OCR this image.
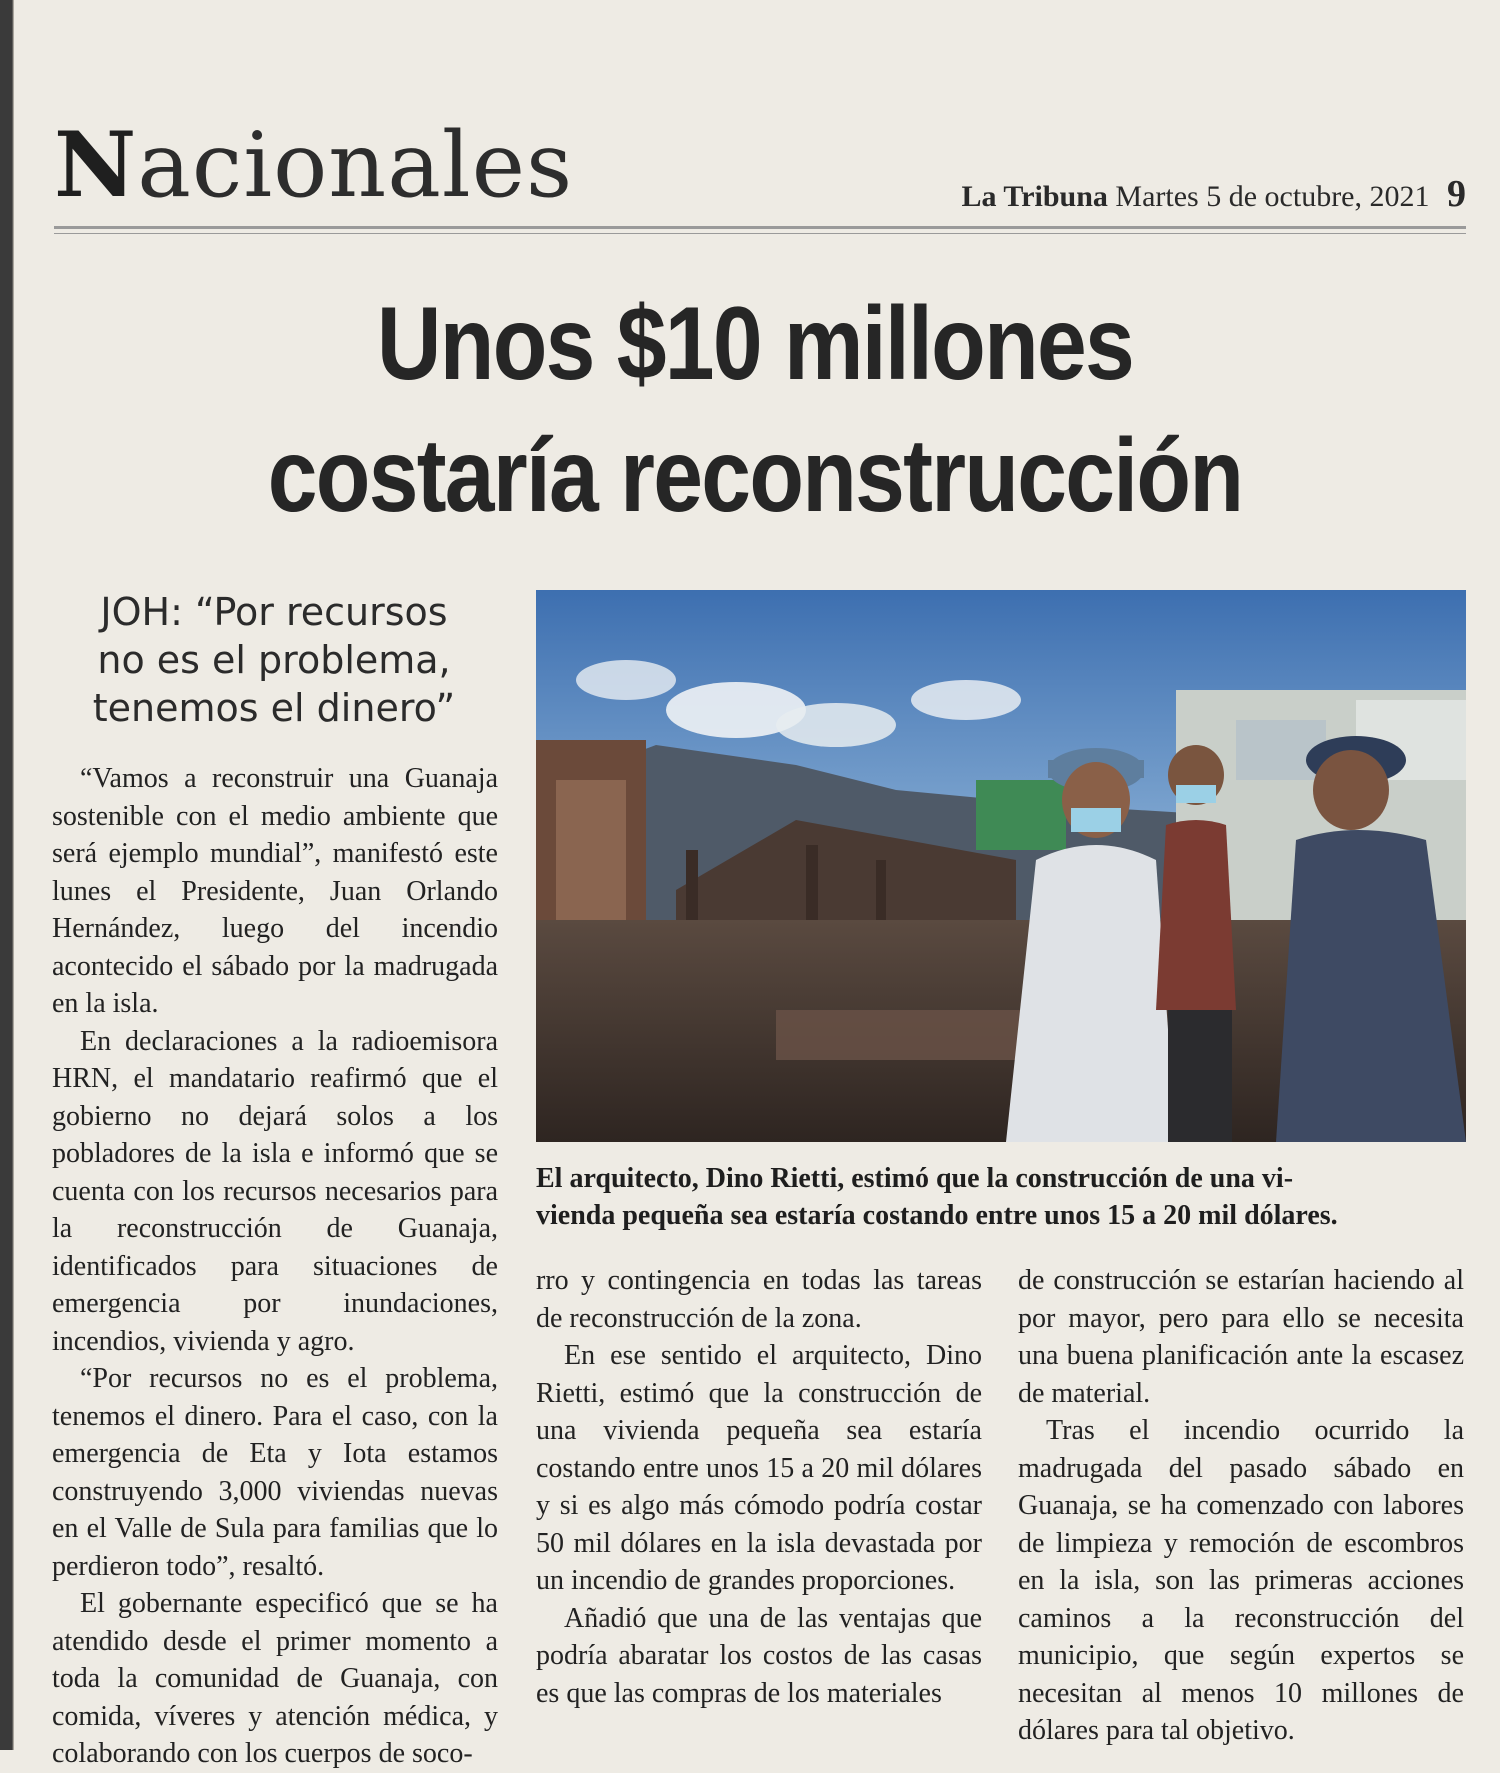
Nacionales	La Tribuna Martes 5 de octubre, 2021 9
Unos $10 millones
costaría reconstrucción
JOH: “Por recursos
no es el problema,
tenemos el dinero”
El arquitecto, Dino Rietti, estimó que la construcción de una vi-
vienda pequeña sea estaría costando entre unos 15 a 20 mil dólares.

“Vamos a reconstruir una Guanaja sostenible con el medio ambiente que será ejemplo mundial”, manifestó este lunes el Presidente, Juan Orlando Hernández, luego del incendio acontecido el sábado por la madrugada en la isla.

En declaraciones a la radioemisora HRN, el mandatario reafirmó que el gobierno no dejará solos a los pobladores de la isla e informó que se cuenta con los recursos necesarios para la reconstrucción de Guanaja, identificados para situaciones de emergencia por inundaciones, incendios, vivienda y agro.

“Por recursos no es el problema, tenemos el dinero. Para el caso, con la emergencia de Eta y Iota estamos construyendo 3,000 viviendas nuevas en el Valle de Sula para familias que lo perdieron todo”, resaltó.

El gobernante especificó que se ha atendido desde el primer momento a toda la comunidad de Guanaja, con comida, víveres y atención médica, y colaborando con los cuerpos de soco-

rro y contingencia en todas las tareas de reconstrucción de la zona.

En ese sentido el arquitecto, Dino Rietti, estimó que la construcción de una vivienda pequeña sea estaría costando entre unos 15 a 20 mil dólares y si es algo más cómodo podría costar 50 mil dólares en la isla devastada por un incendio de grandes proporciones.

Añadió que una de las ventajas que podría abaratar los costos de las casas es que las compras de los materiales

de construcción se estarían haciendo al por mayor, pero para ello se necesita una buena planificación ante la escasez de material.

Tras el incendio ocurrido la madrugada del pasado sábado en Guanaja, se ha comenzado con labores de limpieza y remoción de escombros en la isla, son las primeras acciones caminos a la reconstrucción del municipio, que según expertos se necesitan al menos 10 millones de dólares para tal objetivo.
